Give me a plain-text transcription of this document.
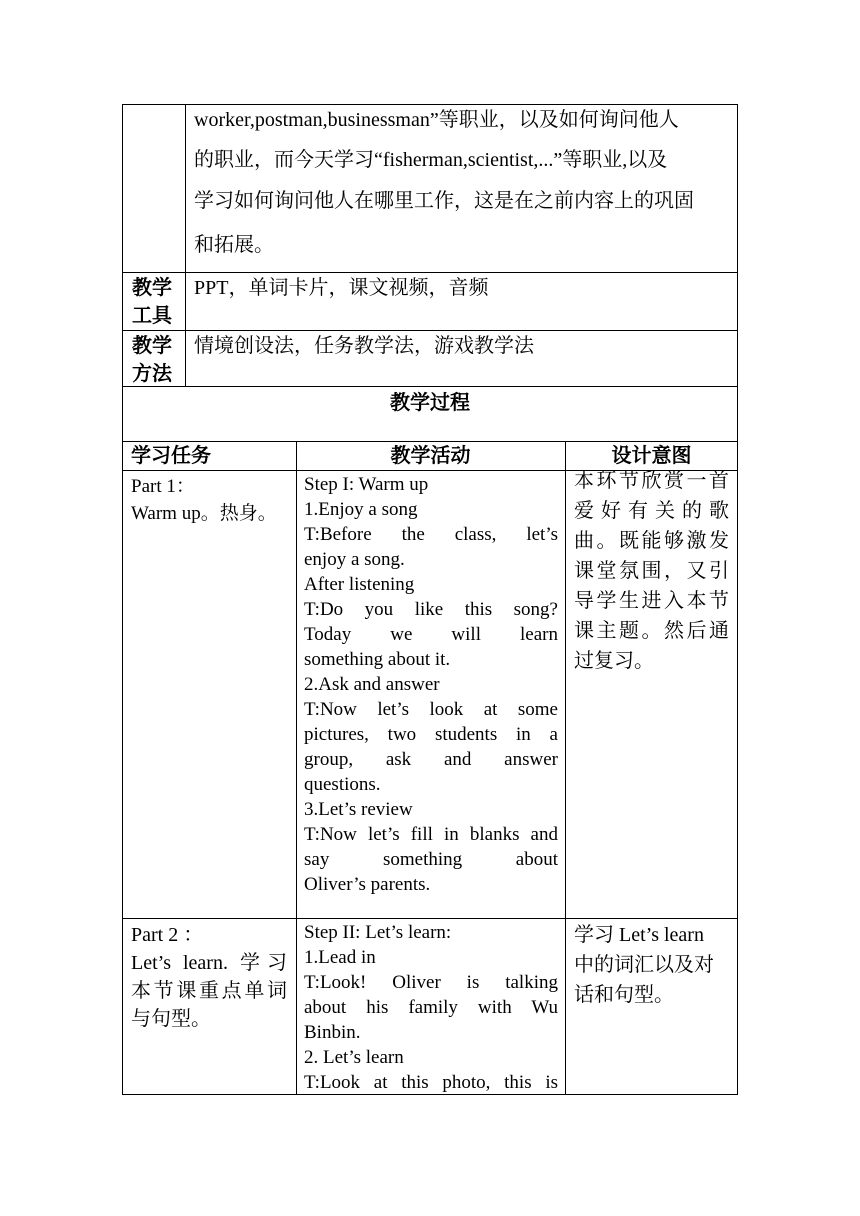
worker,postman,businessman”等职业，以及如何询问他人
的职业，而今天学习“fisherman,scientist,...”等职业,以及
学习如何询问他人在哪里工作，这是在之前内容上的巩固
和拓展。
教学
工具
PPT，单词卡片，课文视频，音频
教学
方法
情境创设法，任务教学法，游戏教学法
教学过程
学习任务	教学活动	设计意图
Part 1：
Warm up。热身。
Step I: Warm up
1.Enjoy a song
T:Before the class, let’s
enjoy a song.
After listening
T:Do you like this song?
Today we will learn
something about it.
2.Ask and answer
T:Now let’s look at some
pictures, two students in a
group, ask and answer
questions.
3.Let’s review
T:Now let’s fill in blanks and
say something about
Oliver’s parents.
本环节欣赏一首
爱好有关的歌
曲。既能够激发
课堂氛围，又引
导学生进入本节
课主题。然后通
过复习。
Part 2 ：
Let’s learn. 学习
本节课重点单词
与句型。
Step II: Let’s learn:
1.Lead in
T:Look! Oliver is talking
about his family with Wu
Binbin.
2. Let’s learn
T:Look at this photo, this is
学习 Let’s learn
中的词汇以及对
话和句型。
